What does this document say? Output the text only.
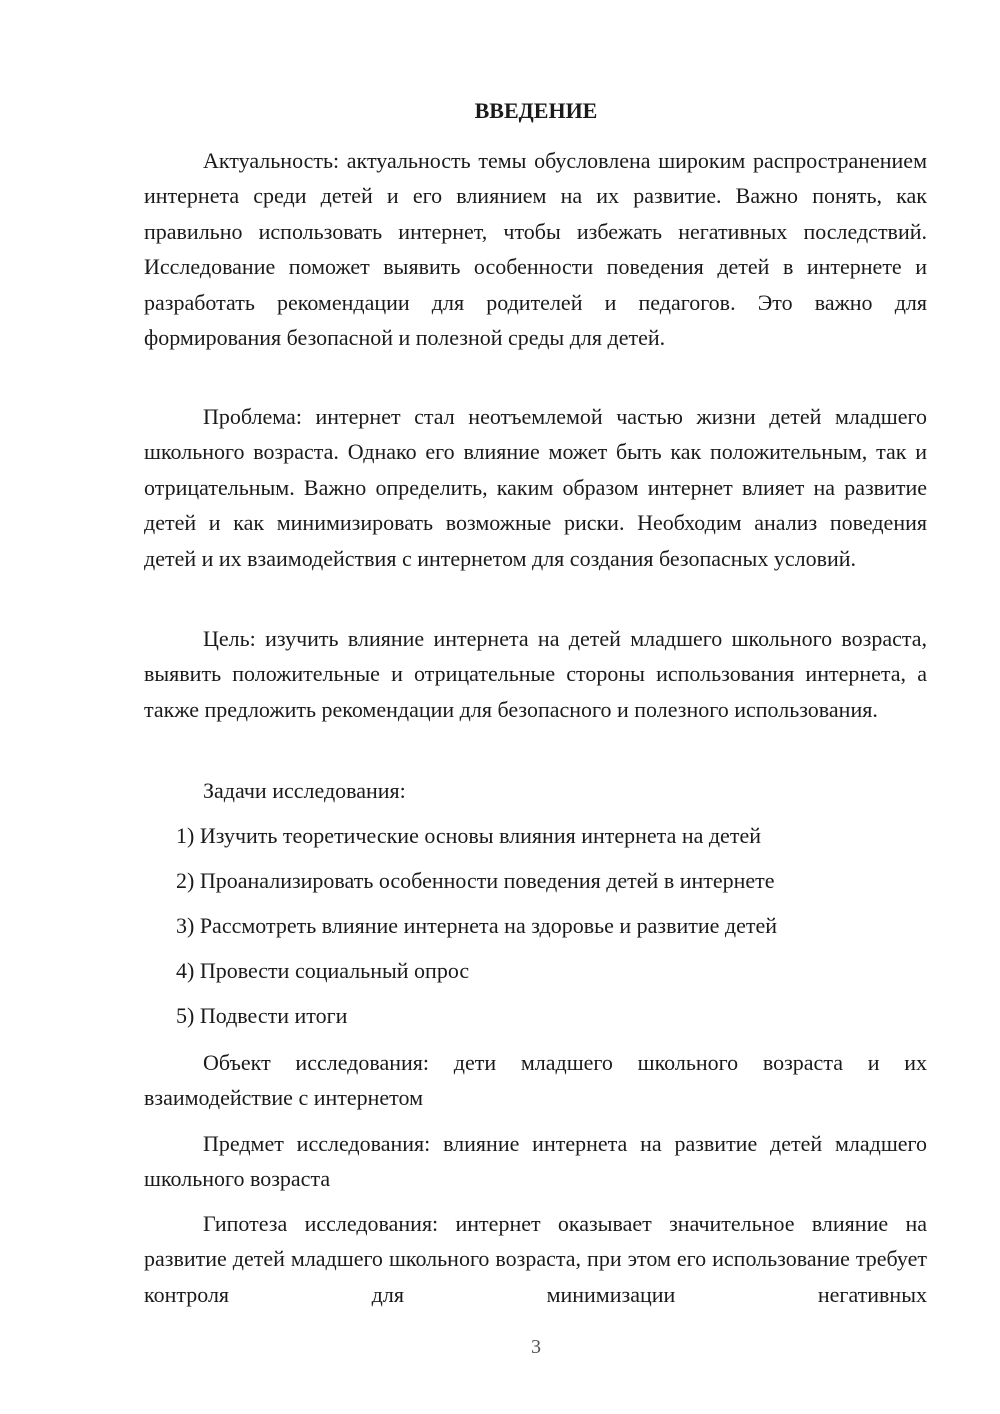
ВВЕДЕНИЕ

Актуальность: актуальность темы обусловлена широким распространением интернета среди детей и его влиянием на их развитие. Важно понять, как правильно использовать интернет, чтобы избежать негативных последствий. Исследование поможет выявить особенности поведения детей в интернете и разработать рекомендации для родителей и педагогов. Это важно для формирования безопасной и полезной среды для детей.

Проблема: интернет стал неотъемлемой частью жизни детей младшего школьного возраста. Однако его влияние может быть как положительным, так и отрицательным. Важно определить, каким образом интернет влияет на развитие детей и как минимизировать возможные риски. Необходим анализ поведения детей и их взаимодействия с интернетом для создания безопасных условий.

Цель: изучить влияние интернета на детей младшего школьного возраста, выявить положительные и отрицательные стороны использования интернета, а также предложить рекомендации для безопасного и полезного использования.

Задачи исследования:

1) Изучить теоретические основы влияния интернета на детей
2) Проанализировать особенности поведения детей в интернете
3) Рассмотреть влияние интернета на здоровье и развитие детей
4) Провести социальный опрос
5) Подвести итоги

Объект исследования: дети младшего школьного возраста и их взаимодействие с интернетом

Предмет исследования: влияние интернета на развитие детей младшего школьного возраста

Гипотеза исследования: интернет оказывает значительное влияние на развитие детей младшего школьного возраста, при этом его использование требует контроля для минимизации негативных

3
